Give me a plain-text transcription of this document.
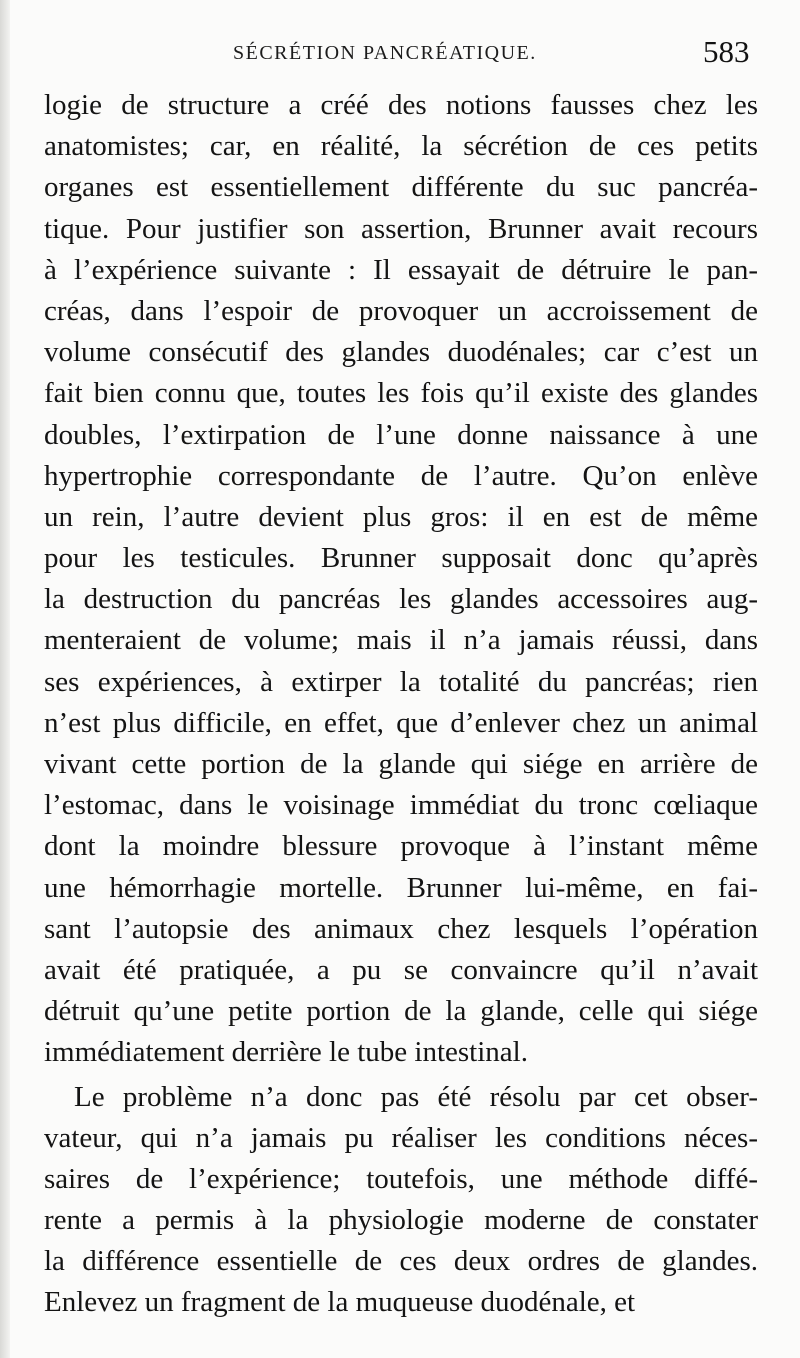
SÉCRÉTION PANCRÉATIQUE.	583
logie de structure a créé des notions fausses chez les
anatomistes; car, en réalité, la sécrétion de ces petits
organes est essentiellement différente du suc pancréa-
tique. Pour justifier son assertion, Brunner avait recours
à l’expérience suivante : Il essayait de détruire le pan-
créas, dans l’espoir de provoquer un accroissement de
volume consécutif des glandes duodénales; car c’est un
fait bien connu que, toutes les fois qu’il existe des glandes
doubles, l’extirpation de l’une donne naissance à une
hypertrophie correspondante de l’autre. Qu’on enlève
un rein, l’autre devient plus gros: il en est de même
pour les testicules. Brunner supposait donc qu’après
la destruction du pancréas les glandes accessoires aug-
menteraient de volume; mais il n’a jamais réussi, dans
ses expériences, à extirper la totalité du pancréas; rien
n’est plus difficile, en effet, que d’enlever chez un animal
vivant cette portion de la glande qui siége en arrière de
l’estomac, dans le voisinage immédiat du tronc cœliaque
dont la moindre blessure provoque à l’instant même
une hémorrhagie mortelle. Brunner lui-même, en fai-
sant l’autopsie des animaux chez lesquels l’opération
avait été pratiquée, a pu se convaincre qu’il n’avait
détruit qu’une petite portion de la glande, celle qui siége
immédiatement derrière le tube intestinal.
Le problème n’a donc pas été résolu par cet obser-
vateur, qui n’a jamais pu réaliser les conditions néces-
saires de l’expérience; toutefois, une méthode diffé-
rente a permis à la physiologie moderne de constater
la différence essentielle de ces deux ordres de glandes.
Enlevez un fragment de la muqueuse duodénale, et
